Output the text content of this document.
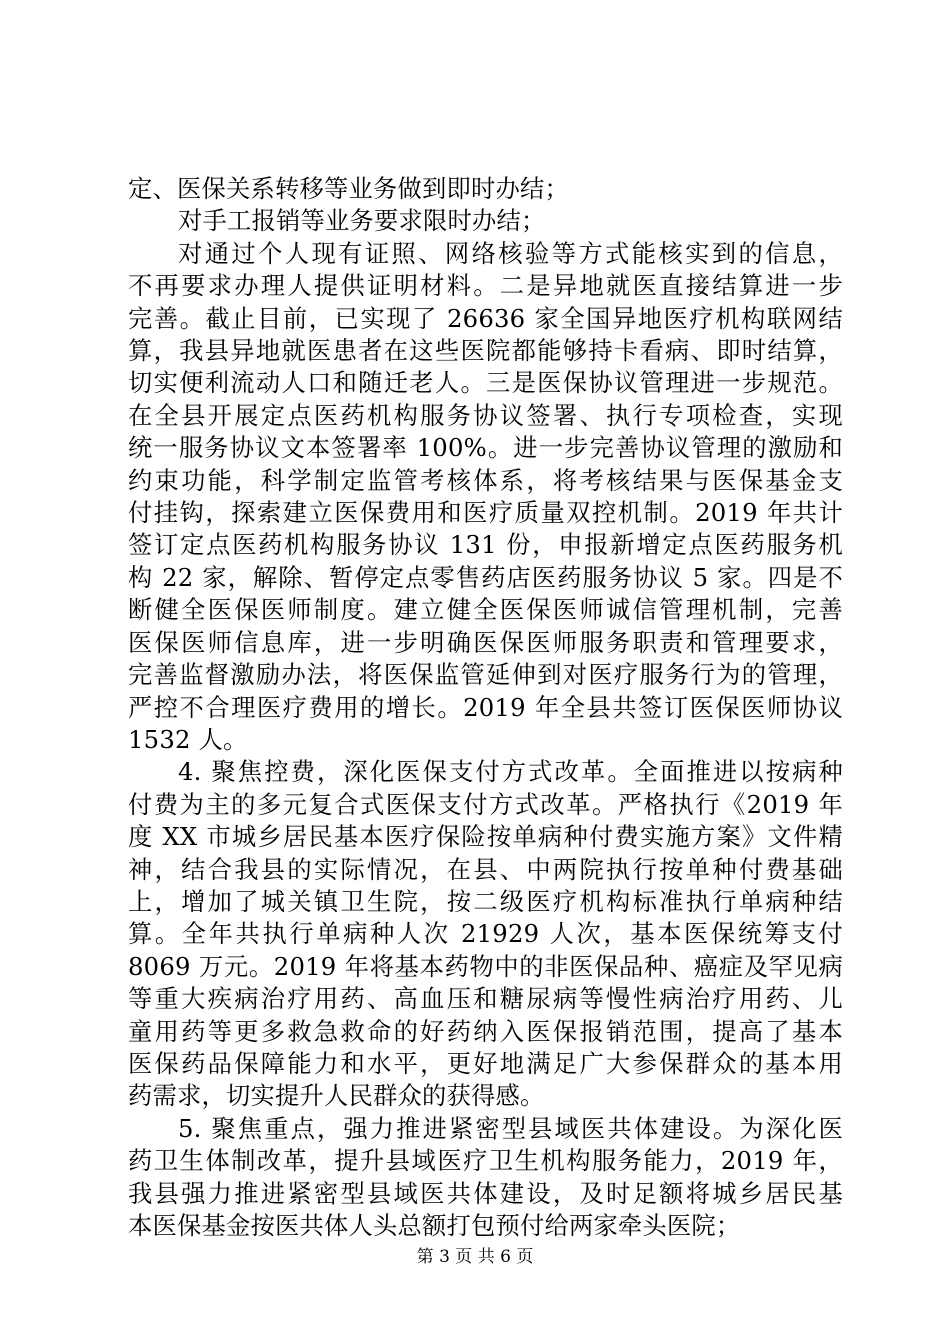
定、医保关系转移等业务做到即时办结；
对手工报销等业务要求限时办结；
对通过个人现有证照、网络核验等方式能核实到的信息，
不再要求办理人提供证明材料。二是异地就医直接结算进一步
完善。截止目前，已实现了 26636 家全国异地医疗机构联网结
算，我县异地就医患者在这些医院都能够持卡看病、即时结算，
切实便利流动人口和随迁老人。三是医保协议管理进一步规范。
在全县开展定点医药机构服务协议签署、执行专项检查，实现
统一服务协议文本签署率 100%。进一步完善协议管理的激励和
约束功能，科学制定监管考核体系，将考核结果与医保基金支
付挂钩，探索建立医保费用和医疗质量双控机制。2019 年共计
签订定点医药机构服务协议 131 份，申报新增定点医药服务机
构 22 家，解除、暂停定点零售药店医药服务协议 5 家。四是不
断健全医保医师制度。建立健全医保医师诚信管理机制，完善
医保医师信息库，进一步明确医保医师服务职责和管理要求，
完善监督激励办法，将医保监管延伸到对医疗服务行为的管理，
严控不合理医疗费用的增长。2019 年全县共签订医保医师协议
1532 人。
4. 聚焦控费，深化医保支付方式改革。全面推进以按病种
付费为主的多元复合式医保支付方式改革。严格执行《2019 年
度 XX 市城乡居民基本医疗保险按单病种付费实施方案》文件精
神，结合我县的实际情况，在县、中两院执行按单种付费基础
上，增加了城关镇卫生院，按二级医疗机构标准执行单病种结
算。全年共执行单病种人次 21929 人次，基本医保统筹支付
8069 万元。2019 年将基本药物中的非医保品种、癌症及罕见病
等重大疾病治疗用药、高血压和糖尿病等慢性病治疗用药、儿
童用药等更多救急救命的好药纳入医保报销范围，提高了基本
医保药品保障能力和水平，更好地满足广大参保群众的基本用
药需求，切实提升人民群众的获得感。
5. 聚焦重点，强力推进紧密型县域医共体建设。为深化医
药卫生体制改革，提升县域医疗卫生机构服务能力，2019 年，
我县强力推进紧密型县域医共体建设，及时足额将城乡居民基
本医保基金按医共体人头总额打包预付给两家牵头医院；
第 3 页 共 6 页
